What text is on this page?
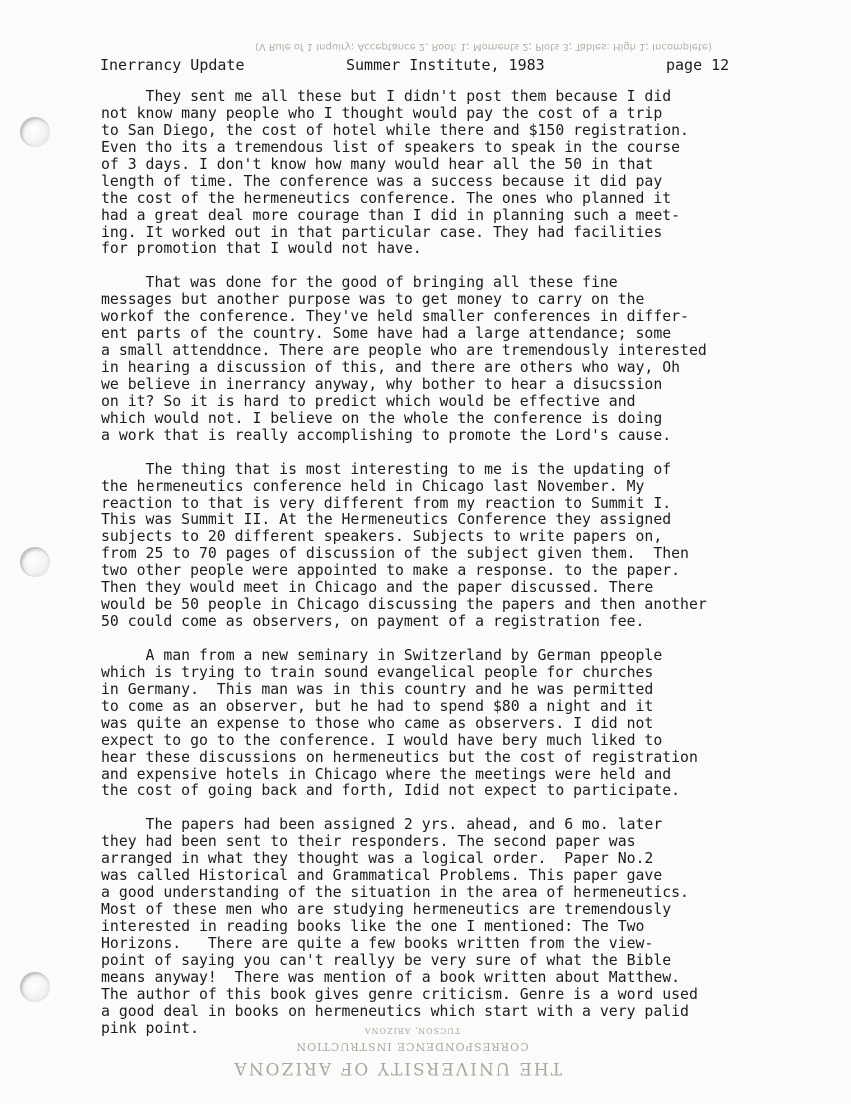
(V Rule of 1 Inquiry; Acceptance 2, Roof: 1; Moments 2; Plots 3; Tables: High 1; Incomplete)
Inerrancy Update	Summer Institute, 1983	page 12
They sent me all these but I didn't post them because I did
not know many people who I thought would pay the cost of a trip
to San Diego, the cost of hotel while there and $150 registration.
Even tho its a tremendous list of speakers to speak in the course
of 3 days. I don't know how many would hear all the 50 in that
length of time. The conference was a success because it did pay
the cost of the hermeneutics conference. The ones who planned it
had a great deal more courage than I did in planning such a meet-
ing. It worked out in that particular case. They had facilities
for promotion that I would not have.
That was done for the good of bringing all these fine
messages but another purpose was to get money to carry on the
workof the conference. They've held smaller conferences in differ-
ent parts of the country. Some have had a large attendance; some
a small attenddnce. There are people who are tremendously interested
in hearing a discussion of this, and there are others who way, Oh
we believe in inerrancy anyway, why bother to hear a disucssion
on it? So it is hard to predict which would be effective and
which would not. I believe on the whole the conference is doing
a work that is really accomplishing to promote the Lord's cause.
The thing that is most interesting to me is the updating of
the hermeneutics conference held in Chicago last November. My
reaction to that is very different from my reaction to Summit I.
This was Summit II. At the Hermeneutics Conference they assigned
subjects to 20 different speakers. Subjects to write papers on,
from 25 to 70 pages of discussion of the subject given them.  Then
two other people were appointed to make a response. to the paper.
Then they would meet in Chicago and the paper discussed. There
would be 50 people in Chicago discussing the papers and then another
50 could come as observers, on payment of a registration fee.
A man from a new seminary in Switzerland by German ppeople
which is trying to train sound evangelical people for churches
in Germany.  This man was in this country and he was permitted
to come as an observer, but he had to spend $80 a night and it
was quite an expense to those who came as observers. I did not
expect to go to the conference. I would have bery much liked to
hear these discussions on hermeneutics but the cost of registration
and expensive hotels in Chicago where the meetings were held and
the cost of going back and forth, Idid not expect to participate.
The papers had been assigned 2 yrs. ahead, and 6 mo. later
they had been sent to their responders. The second paper was
arranged in what they thought was a logical order.  Paper No.2
was called Historical and Grammatical Problems. This paper gave
a good understanding of the situation in the area of hermeneutics.
Most of these men who are studying hermeneutics are tremendously
interested in reading books like the one I mentioned: The Two
Horizons.   There are quite a few books written from the view-
point of saying you can't reallyy be very sure of what the Bible
means anyway!  There was mention of a book written about Matthew.
The author of this book gives genre criticism. Genre is a word used
a good deal in books on hermeneutics which start with a very palid
pink point.	TUCSON, ARIZONA
CORRESPONDENCE INSTRUCTION
THE UNIVERSITY OF ARIZONA
